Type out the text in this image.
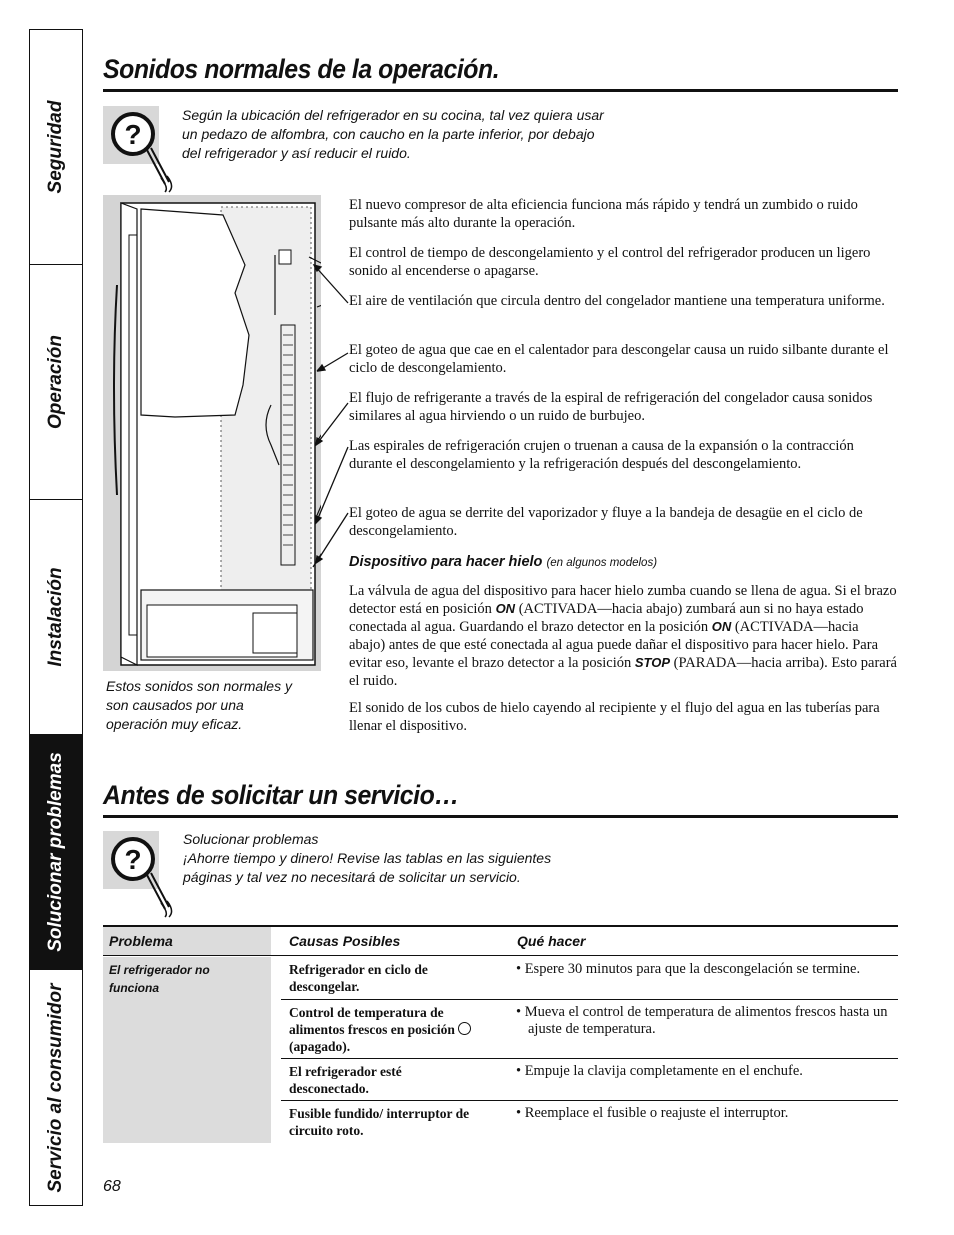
Seguridad
Operación
Instalación
Solucionar problemas
Servicio al consumidor
Sonidos normales de la operación.
?
Según la ubicación del refrigerador en su cocina, tal vez quiera usar un pedazo de alfombra, con caucho en la parte inferior, por debajo del refrigerador y así reducir el ruido.
Estos sonidos son normales y son causados por una operación muy eficaz.
El nuevo compresor de alta eficiencia funciona más rápido y tendrá un zumbido o ruido pulsante más alto durante la operación.
El control de tiempo de descongelamiento y el control del refrigerador producen un ligero sonido al encenderse o apagarse.
El aire de ventilación que circula dentro del congelador mantiene una temperatura uniforme.
El goteo de agua que cae en el calentador para descongelar causa un ruido silbante durante el ciclo de descongelamiento.
El flujo de refrigerante a través de la espiral de refrigeración del congelador causa sonidos similares al agua hirviendo o un ruido de burbujeo.
Las espirales de refrigeración crujen o truenan a causa de la expansión o la contracción durante el descongelamiento y la refrigeración después del descongelamiento.
El goteo de agua se derrite del vaporizador y fluye a la bandeja de desagüe en el ciclo de descongelamiento.
Dispositivo para hacer hielo (en algunos modelos)
La válvula de agua del dispositivo para hacer hielo zumba cuando se llena de agua. Si el brazo detector está en posición ON (ACTIVADA—hacia abajo) zumbará aun si no haya estado conectada al agua. Guardando el brazo detector en la posición ON (ACTIVADA—hacia abajo) antes de que esté conectada al agua puede dañar el dispositivo para hacer hielo. Para evitar eso, levante el brazo detector a la posición STOP (PARADA—hacia arriba). Esto parará el ruido.
El sonido de los cubos de hielo cayendo al recipiente y el flujo del agua en las tuberías para llenar el dispositivo.
Antes de solicitar un servicio…
?
Solucionar problemas
¡Ahorre tiempo y dinero! Revise las tablas en las siguientes páginas y tal vez no necesitará de solicitar un servicio.
Problema	Causas Posibles	Qué hacer
El refrigerador no funciona
Refrigerador en ciclo de descongelar.
• Espere 30 minutos para que la descongelación se termine.
Control de temperatura de alimentos frescos en posición(apagado).
• Mueva el control de temperatura de alimentos frescos hasta un ajuste de temperatura.
El refrigerador esté desconectado.
• Empuje la clavija completamente en el enchufe.
Fusible fundido/ interruptor de circuito roto.
• Reemplace el fusible o reajuste el interruptor.
68
